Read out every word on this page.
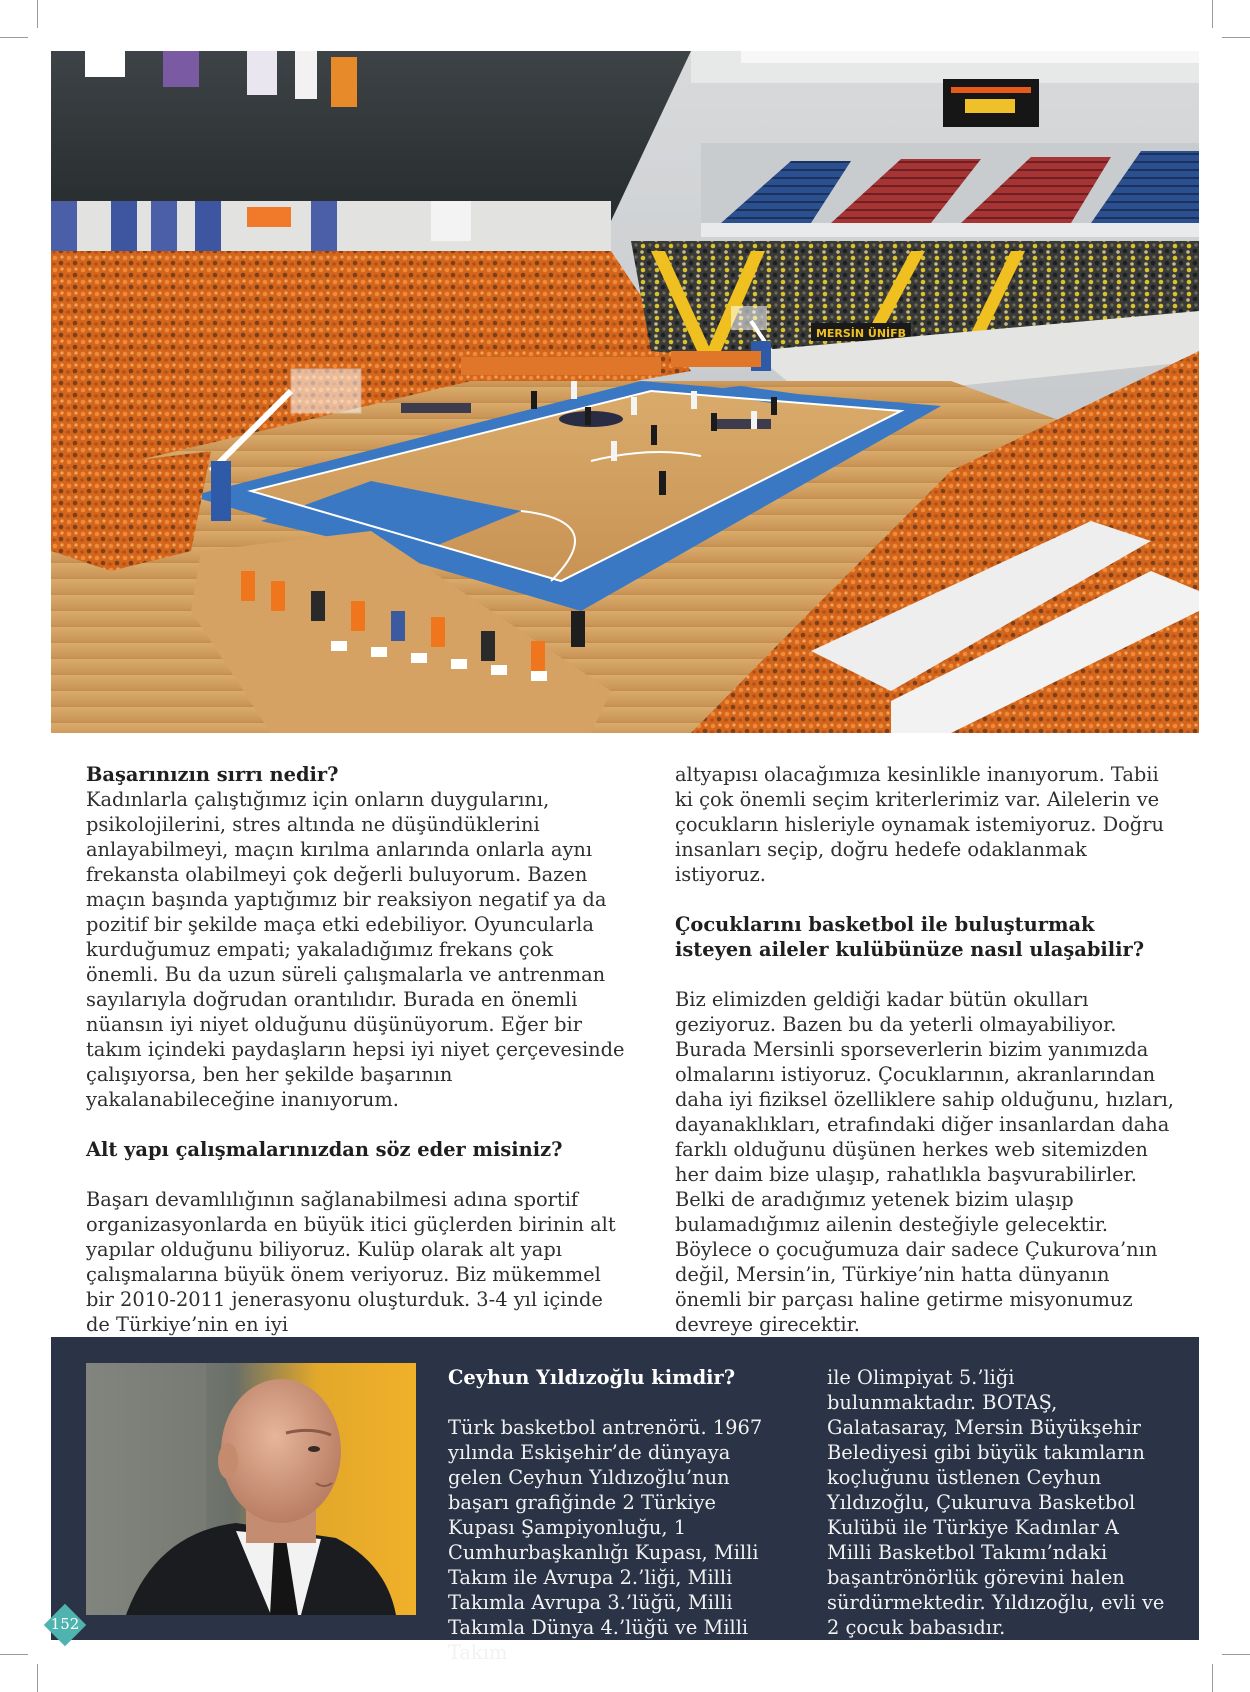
MERSİN ÜNİFB
Başarınızın sırrı nedir?

Kadınlarla çalıştığımız için onların duygularını, psikolojilerini, stres altında ne düşündüklerini anlayabilmeyi, maçın kırılma anlarında onlarla aynı frekansta olabilmeyi çok değerli buluyorum. Bazen maçın başında yaptığımız bir reaksiyon negatif ya da pozitif bir şekilde maça etki edebiliyor. Oyuncularla kurduğumuz empati; yakaladığımız frekans çok önemli. Bu da uzun süreli çalışmalarla ve antrenman sayılarıyla doğrudan orantılıdır. Burada en önemli nüansın iyi niyet olduğunu düşünüyorum. Eğer bir takım içindeki paydaşların hepsi iyi niyet çerçevesinde çalışıyorsa, ben her şekilde başarının yakalanabileceğine inanıyorum.

Alt yapı çalışmalarınızdan söz eder misiniz?

Başarı devamlılığının sağlanabilmesi adına sportif organizasyonlarda en büyük itici güçlerden birinin alt yapılar olduğunu biliyoruz. Kulüp olarak alt yapı çalışmalarına büyük önem veriyoruz. Biz mükemmel bir 2010-2011 jenerasyonu oluşturduk. 3-4 yıl içinde de Türkiye’nin en iyi

altyapısı olacağımıza kesinlikle inanıyorum. Tabii ki çok önemli seçim kriterlerimiz var. Ailelerin ve çocukların hisleriyle oynamak istemiyoruz. Doğru insanları seçip, doğru hedefe odaklanmak istiyoruz.

Çocuklarını basketbol ile buluşturmak isteyen aileler kulübünüze nasıl ulaşabilir?

Biz elimizden geldiği kadar bütün okulları geziyoruz. Bazen bu da yeterli olmayabiliyor. Burada Mersinli sporseverlerin bizim yanımızda olmalarını istiyoruz. Çocuklarının, akranlarından daha iyi fiziksel özelliklere sahip olduğunu, hızları, dayanaklıkları, etrafındaki diğer insanlardan daha farklı olduğunu düşünen herkes web sitemizden her daim bize ulaşıp, rahatlıkla başvurabilirler. Belki de aradığımız yetenek bizim ulaşıp bulamadığımız ailenin desteğiyle gelecektir. Böylece o çocuğumuza dair sadece Çukurova’nın değil, Mersin’in, Türkiye’nin hatta dünyanın önemli bir parçası haline getirme misyonumuz devreye girecektir.

Ceyhun Yıldızoğlu kimdir?

Türk basketbol antrenörü. 1967 yılında Eskişehir’de dünyaya gelen Ceyhun Yıldızoğlu’nun başarı grafiğinde 2 Türkiye Kupası Şampiyonluğu, 1 Cumhurbaşkanlığı Kupası, Milli Takım ile Avrupa 2.’liği, Milli Takımla Avrupa 3.’lüğü, Milli Takımla Dünya 4.’lüğü ve Milli Takım

ile Olimpiyat 5.’liği bulunmaktadır. BOTAŞ, Galatasaray, Mersin Büyükşehir Belediyesi gibi büyük takımların koçluğunu üstlenen Ceyhun Yıldızoğlu, Çukuruva Basketbol Kulübü ile Türkiye Kadınlar A Milli Basketbol Takımı’ndaki başantrönörlük görevini halen sürdürmektedir. Yıldızoğlu, evli ve 2 çocuk babasıdır.

152
